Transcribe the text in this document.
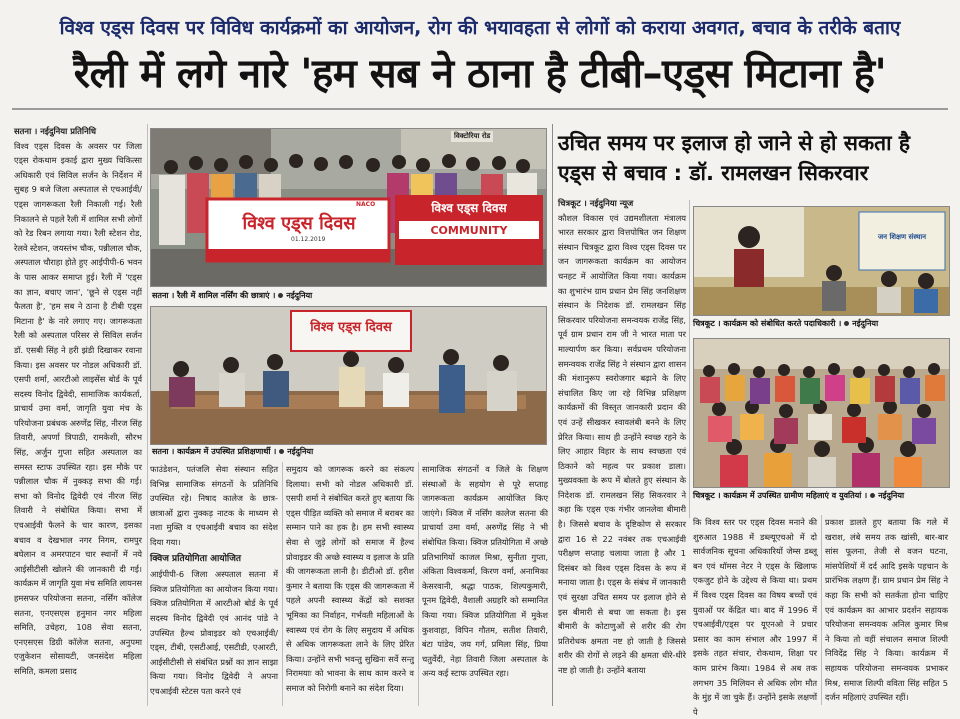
विश्व एड्स दिवस पर विविध कार्यक्रमों का आयोजन, रोग की भयावहता से लोगों को कराया अवगत, बचाव के तरीके बताए
रैली में लगे नारे 'हम सब ने ठाना है टीबी–एड्स मिटाना है'
सतना । नईदुनिया प्रतिनिधि
विश्व एड्स दिवस के अवसर पर जिला एड्स रोकथाम इकाई द्वारा मुख्य चिकित्सा अधिकारी एवं सिविल सर्जन के निर्देशन में सुबह 9 बजे जिला अस्पताल से एचआईवी/एड्स जागरूकता रैली निकाली गई। रैली निकालने से पहले रैली में शामिल सभी लोगों को रेड रिबन लगाया गया। रैली स्टेशन रोड, रेलवे स्टेशन, जयस्तंभ चौक, पन्नीलाल चौक, अस्पताल चौराहा होते हुए आईपीपी-6 भवन के पास आकर समाप्त हुई। रैली में 'एड्स का ज्ञान, बचाए जान', 'छूने से एड्स नहीं फैलता है', 'हम सब ने ठाना है टीबी एड्स मिटाना है' के नारे लगाए गए। जागरूकता रैली को अस्पताल परिसर से सिविल सर्जन डॉ. एसबी सिंह ने हरी झंडी दिखाकर रवाना किया। इस अवसर पर नोडल अधिकारी डॉ. एसपी शर्मा, आरटीओ लाइसेंस बोर्ड के पूर्व सदस्य विनोद द्विवेदी, सामाजिक कार्यकर्ता, प्राचार्य उमा वर्मा, जागृति युवा मंच के परियोजना प्रबंधक अरुणेंद्र सिंह, नीरज सिंह तिवारी, अपर्णा त्रिपाठी, रामकेशी, सौरभ सिंह, अर्जुन गुप्ता सहित अस्पताल का समस्त स्टाफ उपस्थित रहा। इस मौके पर पन्नीलाल चौक में नुक्कड़ सभा की गई। सभा को विनोद द्विवेदी एवं नीरज सिंह तिवारी ने संबोधित किया। सभा में एचआईवी फैलने के चार कारण, इसका बचाव व देखभाल नगर निगम, रामपुर बघेलान व अमरपाटन चार स्थानों में नये आईसीटीसी खोलने की जानकारी दी गई। कार्यक्रम में जागृति युवा मंच समिति लायनस हमसफर परियोजना सतना, नर्सिंग कॉलेज सतना, एनएसएस हनुमान नगर महिला समिति, उचेहरा, 108 सेवा सतना, एनएसएस डिग्री कॉलेज सतना, अनुपमा एजुकेशन सोसायटी, जनसंदेश महिला समिति, कमला प्रसाद
विश्व एड्स दिवस
01.12.2019
NACO	विश्व एड्स दिवस
COMMUNITY
विक्टोरिया रोड
सतना । रैली में शामिल नर्सिंग की छात्राएं । नईदुनिया
विश्व एड्स दिवस
सतना । कार्यक्रम में उपस्थित प्रशिक्षणार्थी । नईदुनिया
फाउंडेशन, पतंजलि सेवा संस्थान सहित विभिन्न सामाजिक संगठनों के प्रतिनिधि उपस्थित रहे। निषाद कालेज के छात्र-छात्राओं द्वारा नुक्कड़ नाटक के माध्यम से नशा मुक्ति व एचआईवी बचाव का संदेश दिया गया।
क्विज प्रतियोगिता आयोजित
आईपीपी-6 जिला अस्पताल सतना में क्विज प्रतियोगिता का आयोजन किया गया। क्विज प्रतियोगिता में आरटीओ बोर्ड के पूर्व सदस्य विनोद द्विवेदी एवं आनंद पांडे ने उपस्थित हैल्थ प्रोवाइडर को एचआईवी/एड्स, टीबी, एसटीआई, एसटीडी, एआरटी, आईसीटीसी से संबंधित प्रश्नों का ज्ञान साझा किया गया। विनोद द्विवेदी ने अपना एचआईवी स्टेटस पता करने एवं
समुदाय को जागरूक करने का संकल्प दिलाया। सभी को नोडल अधिकारी डॉ. एसपी शर्मा ने संबोधित करते हुए बताया कि एड्स पीड़ित व्यक्ति को समाज में बराबर का सम्मान पाने का हक है। हम सभी स्वास्थ्य सेवा से जुड़े लोगों को समाज में हैल्थ प्रोवाइडर की अच्छे स्वास्थ्य व इलाज के प्रति की जागरूकता लानी है। डीटीओ डॉ. हरीश कुमार ने बताया कि एड्स की जागरूकता में पहले अपनी स्वास्थ्य केंद्रों को सशक्त भूमिका का निर्वाहन, गर्भवती महिलाओं के स्वास्थ्य एवं रोग के लिए समुदाय में अधिक से अधिक जागरूकता लाने के लिए प्रेरित किया। उन्होंने सभी भवन्तु सुखिनः सर्वे सन्तु निरामयाः को भावना के साथ काम करने व समाज को निरोगी बनाने का संदेश दिया।
सामाजिक संगठनों व जिले के शिक्षण संस्थाओं के सहयोग से पूरे सप्ताह जागरूकता कार्यक्रम आयोजित किए जाएंगे। क्विज में नर्सिंग कालेज सतना की प्राचार्या उमा वर्मा, अरुणेंद्र सिंह ने भी संबोधित किया। क्विज प्रतियोगिता में अच्छे प्रतिभागियों काजल मिश्रा, सुनीता गुप्ता, अंकिता विश्वकर्मा, किरण वर्मा, अनामिका केसरवानी, श्रद्धा पाठक, शिल्पकुमारी, पूनम द्विवेदी, वैशाली अग्रहरि को सम्मानित किया गया। क्विज प्रतियोगिता में मुकेश कुशवाहा, विपिन गौतम, सतीश तिवारी, बंटा पांडेय, जय गर्ग, प्रमिला सिंह, प्रिया चतुर्वेदी, नेहा तिवारी जिला अस्पताल के अन्य कई स्टाफ उपस्थित रहा।
उचित समय पर इलाज हो जाने से हो सकता है एड्स से बचाव : डॉ. रामलखन सिकरवार
चित्रकूट । नईदुनिया न्यूज
कौशल विकास एवं उद्यमशीलता मंत्रालय भारत सरकार द्वारा वित्तपोषित जन शिक्षण संस्थान चित्रकूट द्वारा विश्व एड्स दिवस पर जन जागरूकता कार्यक्रम का आयोजन चनहट में आयोजित किया गया। कार्यक्रम का शुभारंभ ग्राम प्रधान प्रेम सिंह जनशिक्षण संस्थान के निदेशक डॉ. रामलखन सिंह सिकरवार परियोजना समन्वयक राजेंद्र सिंह, पूर्व ग्राम प्रधान राम जी ने भारत माता पर माल्यार्पण कर किया। सर्वप्रथम परियोजना समन्वयक राजेंद्र सिंह ने संस्थान द्वारा शासन की मंशानुरूप स्वरोजगार बढ़ाने के लिए संचालित किए जा रहे विभिन्न प्रशिक्षण कार्यक्रमों की विस्तृत जानकारी प्रदान की एवं उन्हें सीखकर स्वावलंबी बनने के लिए प्रेरित किया। साथ ही उन्होंने स्वच्छ रहने के लिए आहार विहार के साथ स्वच्छता एवं ठिकाने को महत्व पर प्रकाश डाला। मुख्यवक्ता के रूप में बोलते हुए संस्थान के निदेशक डॉ. रामलखन सिंह सिकरवार ने कहा कि एड्स एक गंभीर जानलेवा बीमारी है। जिससे बचाव के दृष्टिकोण से सरकार द्वारा 16 से 22 नवंबर तक एचआईवी परीक्षण सप्ताह चलाया जाता है और 1 दिसंबर को विश्व एड्स दिवस के रूप में मनाया जाता है। एड्स के संबंध में जानकारी एवं सुरक्षा उचित समय पर इलाज होने से इस बीमारी से बचा जा सकता है। इस बीमारी के कोटाणुओं से शरीर की रोग प्रतिरोधक क्षमता नष्ट हो जाती है जिससे शरीर की रोगों से लड़ने की क्षमता धीरे-धीरे नष्ट हो जाती है। उन्होंने बताया
जन शिक्षण संस्थान
चित्रकूट । कार्यक्रम को संबोधित करते पदाधिकारी । नईदुनिया
चित्रकूट । कार्यक्रम में उपस्थित ग्रामीण महिलाएं व युवतियां । नईदुनिया
कि विश्व स्तर पर एड्स दिवस मनाने की शुरुआत 1988 में डब्ल्यूएचओ में दो सार्वजनिक सूचना अधिकारियों जेम्स डब्लू बन एवं थॉमस नेटर ने एड्स के खिलाफ एकजुट होने के उद्देश्य से किया था। प्रथम में विश्व एड्स दिवस का विषय बच्चों एवं युवाओं पर केंद्रित था। बाद में 1996 में एचआईवी/एड्स पर यूएनओ ने प्रचार प्रसार का काम संभाल और 1997 में इसके तहत संचार, रोकथाम, शिक्षा पर काम प्रारंभ किया। 1984 से अब तक लगभग 35 मिलियन से अधिक लोग मौत के मुंह में जा चुके हैं। उन्होंने इसके लक्षणों पे
प्रकाश डालते हुए बताया कि गले में खराश, लंबे समय तक खांसी, बार-बार सांस फूलना, तेजी से वजन घटना, मांसपेशियों में दर्द आदि इसके पहचान के प्रारंभिक लक्षण हैं। ग्राम प्रधान प्रेम सिंह ने कहा कि सभी को सतर्कता होना चाहिए एवं कार्यक्रम का आभार प्रदर्शन सहायक परियोजना समन्वयक अनिल कुमार मिश्र ने किया तो वहीं संचालन समाज शिल्पी निविदेंद्र सिंह ने किया। कार्यक्रम में सहायक परियोजना समन्वयक प्रभाकर मिश्र, समाज शिल्पी वविता सिंह सहित 5 दर्जन महिलाएं उपस्थित रहीं।
